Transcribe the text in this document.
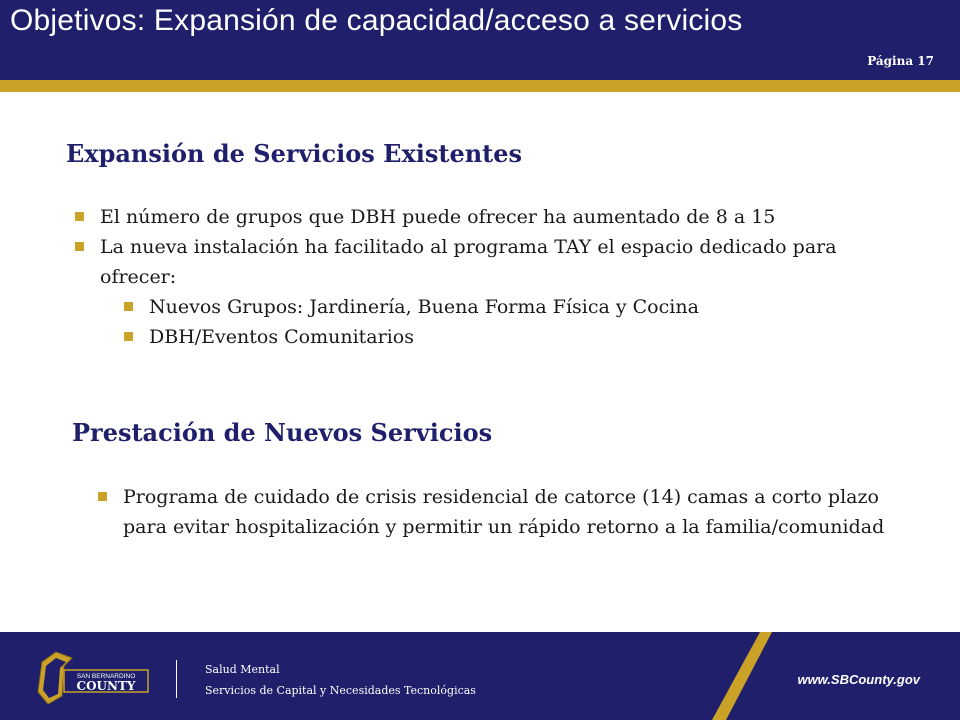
Objetivos: Expansión de capacidad/acceso a servicios
Página 17
Expansión de Servicios Existentes
El número de grupos que DBH puede ofrecer ha aumentado de 8 a 15
La nueva instalación ha facilitado al programa TAY el espacio dedicado para ofrecer:
Nuevos Grupos: Jardinería, Buena Forma Física y Cocina
DBH/Eventos Comunitarios
Prestación de Nuevos Servicios
Programa de cuidado de crisis residencial de catorce (14) camas a corto plazo para evitar hospitalización y permitir un rápido retorno a la familia/comunidad
SAN BERNARDINO
COUNTY
Salud Mental
Servicios de Capital y Necesidades Tecnológicas
www.SBCounty.gov
